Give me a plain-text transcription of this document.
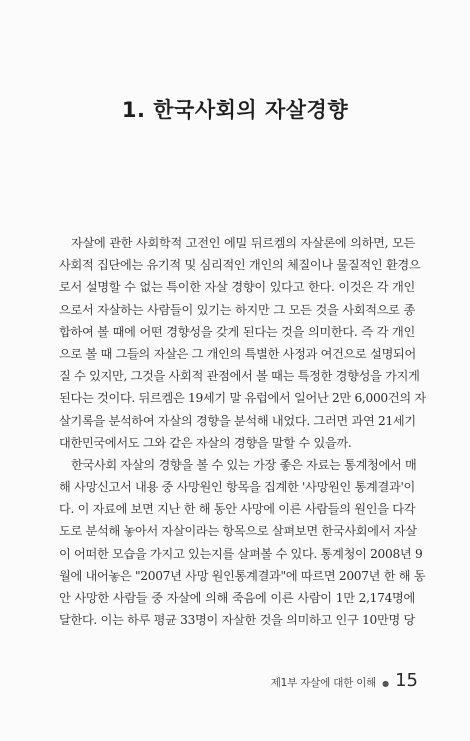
1. 한국사회의 자살경향
자살에 관한 사회학적 고전인 에밀 뒤르켐의 자살론에 의하면, 모든
사회적 집단에는 유기적 및 심리적인 개인의 체질이나 물질적인 환경으
로서 설명할 수 없는 특이한 자살 경향이 있다고 한다. 이것은 각 개인
으로서 자살하는 사람들이 있기는 하지만 그 모든 것을 사회적으로 종
합하여 볼 때에 어떤 경향성을 갖게 된다는 것을 의미한다. 즉 각 개인
으로 볼 때 그들의 자살은 그 개인의 특별한 사정과 여건으로 설명되어
질 수 있지만, 그것을 사회적 관점에서 볼 때는 특정한 경향성을 가지게
된다는 것이다. 뒤르켐은 19세기 말 유럽에서 일어난 2만 6,000건의 자
살기록을 분석하여 자살의 경향을 분석해 내었다. 그러면 과연 21세기
대한민국에서도 그와 같은 자살의 경향을 말할 수 있을까.
한국사회 자살의 경향을 볼 수 있는 가장 좋은 자료는 통계청에서 매
해 사망신고서 내용 중 사망원인 항목을 집계한 '사망원인 통계결과'이
다. 이 자료에 보면 지난 한 해 동안 사망에 이른 사람들의 원인을 다각
도로 분석해 놓아서 자살이라는 항목으로 살펴보면 한국사회에서 자살
이 어떠한 모습을 가지고 있는지를 살펴볼 수 있다. 통계청이 2008년 9
월에 내어놓은 "2007년 사망 원인통계결과"에 따르면 2007년 한 해 동
안 사망한 사람들 중 자살에 의해 죽음에 이른 사람이 1만 2,174명에
달한다. 이는 하루 평균 33명이 자살한 것을 의미하고 인구 10만명 당
제1부 자살에 대한 이해 ● 15
